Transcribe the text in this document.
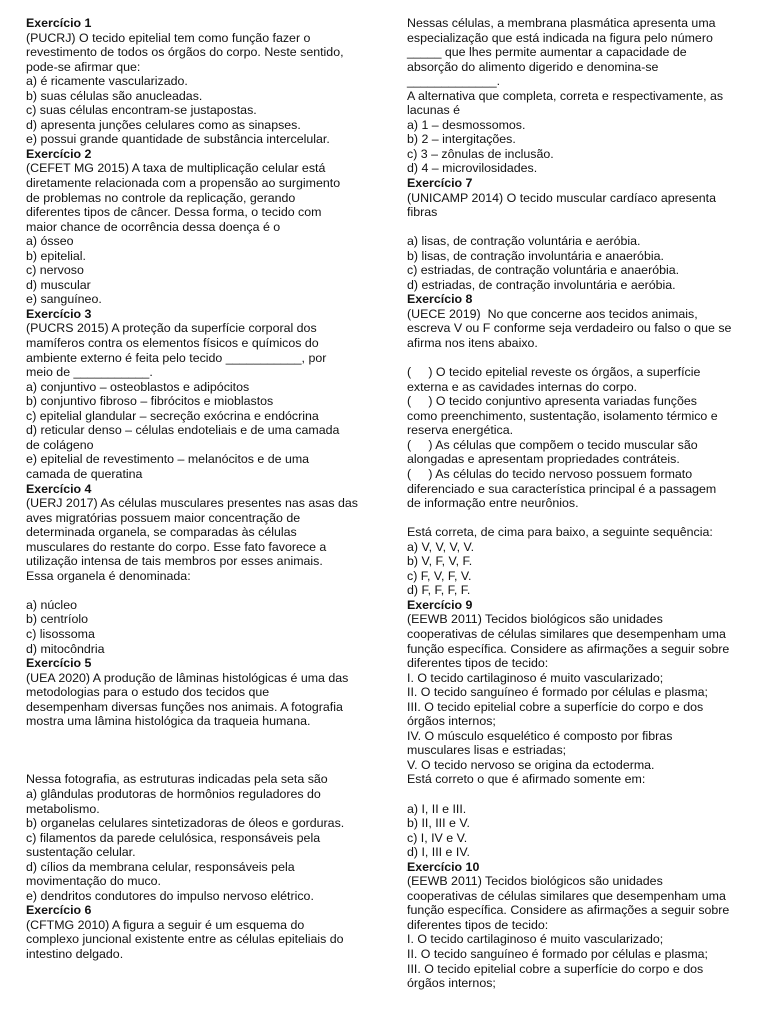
Exercício 1
(PUCRJ) O tecido epitelial tem como função fazer o
revestimento de todos os órgãos do corpo. Neste sentido,
pode-se afirmar que:
a) é ricamente vascularizado.
b) suas células são anucleadas.
c) suas células encontram-se justapostas.
d) apresenta junções celulares como as sinapses.
e) possui grande quantidade de substância intercelular.
Exercício 2
(CEFET MG 2015) A taxa de multiplicação celular está
diretamente relacionada com a propensão ao surgimento
de problemas no controle da replicação, gerando
diferentes tipos de câncer. Dessa forma, o tecido com
maior chance de ocorrência dessa doença é o
a) ósseo
b) epitelial.
c) nervoso
d) muscular
e) sanguíneo.
Exercício 3
(PUCRS 2015) A proteção da superfície corporal dos
mamíferos contra os elementos físicos e químicos do
ambiente externo é feita pelo tecido ___________, por
meio de ___________.
a) conjuntivo – osteoblastos e adipócitos
b) conjuntivo fibroso – fibrócitos e mioblastos
c) epitelial glandular – secreção exócrina e endócrina
d) reticular denso – células endoteliais e de uma camada
de colágeno
e) epitelial de revestimento – melanócitos e de uma
camada de queratina
Exercício 4
(UERJ 2017) As células musculares presentes nas asas das
aves migratórias possuem maior concentração de
determinada organela, se comparadas às células
musculares do restante do corpo. Esse fato favorece a
utilização intensa de tais membros por esses animais.
Essa organela é denominada:
a) núcleo
b) centríolo
c) lisossoma
d) mitocôndria
Exercício 5
(UEA 2020) A produção de lâminas histológicas é uma das
metodologias para o estudo dos tecidos que
desempenham diversas funções nos animais. A fotografia
mostra uma lâmina histológica da traqueia humana.
Nessa fotografia, as estruturas indicadas pela seta são
a) glândulas produtoras de hormônios reguladores do
metabolismo.
b) organelas celulares sintetizadoras de óleos e gorduras.
c) filamentos da parede celulósica, responsáveis pela
sustentação celular.
d) cílios da membrana celular, responsáveis pela
movimentação do muco.
e) dendritos condutores do impulso nervoso elétrico.
Exercício 6
(CFTMG 2010) A figura a seguir é um esquema do
complexo juncional existente entre as células epiteliais do
intestino delgado.
Nessas células, a membrana plasmática apresenta uma
especialização que está indicada na figura pelo número
_____ que lhes permite aumentar a capacidade de
absorção do alimento digerido e denomina-se
_____________.
A alternativa que completa, correta e respectivamente, as
lacunas é
a) 1 – desmossomos.
b) 2 – intergitações.
c) 3 – zônulas de inclusão.
d) 4 – microvilosidades.
Exercício 7
(UNICAMP 2014) O tecido muscular cardíaco apresenta
fibras
a) lisas, de contração voluntária e aeróbia.
b) lisas, de contração involuntária e anaeróbia.
c) estriadas, de contração voluntária e anaeróbia.
d) estriadas, de contração involuntária e aeróbia.
Exercício 8
(UECE 2019)  No que concerne aos tecidos animais,
escreva V ou F conforme seja verdadeiro ou falso o que se
afirma nos itens abaixo.
(     ) O tecido epitelial reveste os órgãos, a superfície
externa e as cavidades internas do corpo.
(     ) O tecido conjuntivo apresenta variadas funções
como preenchimento, sustentação, isolamento térmico e
reserva energética.
(     ) As células que compõem o tecido muscular são
alongadas e apresentam propriedades contráteis.
(     ) As células do tecido nervoso possuem formato
diferenciado e sua característica principal é a passagem
de informação entre neurônios.
Está correta, de cima para baixo, a seguinte sequência:
a) V, V, V, V.
b) V, F, V, F.
c) F, V, F, V.
d) F, F, F, F.
Exercício 9
(EEWB 2011) Tecidos biológicos são unidades
cooperativas de células similares que desempenham uma
função específica. Considere as afirmações a seguir sobre
diferentes tipos de tecido:
I. O tecido cartilaginoso é muito vascularizado;
II. O tecido sanguíneo é formado por células e plasma;
III. O tecido epitelial cobre a superfície do corpo e dos
órgãos internos;
IV. O músculo esquelético é composto por fibras
musculares lisas e estriadas;
V. O tecido nervoso se origina da ectoderma.
Está correto o que é afirmado somente em:
a) I, II e III.
b) II, III e V.
c) I, IV e V.
d) I, III e IV.
Exercício 10
(EEWB 2011) Tecidos biológicos são unidades
cooperativas de células similares que desempenham uma
função específica. Considere as afirmações a seguir sobre
diferentes tipos de tecido:
I. O tecido cartilaginoso é muito vascularizado;
II. O tecido sanguíneo é formado por células e plasma;
III. O tecido epitelial cobre a superfície do corpo e dos
órgãos internos;
